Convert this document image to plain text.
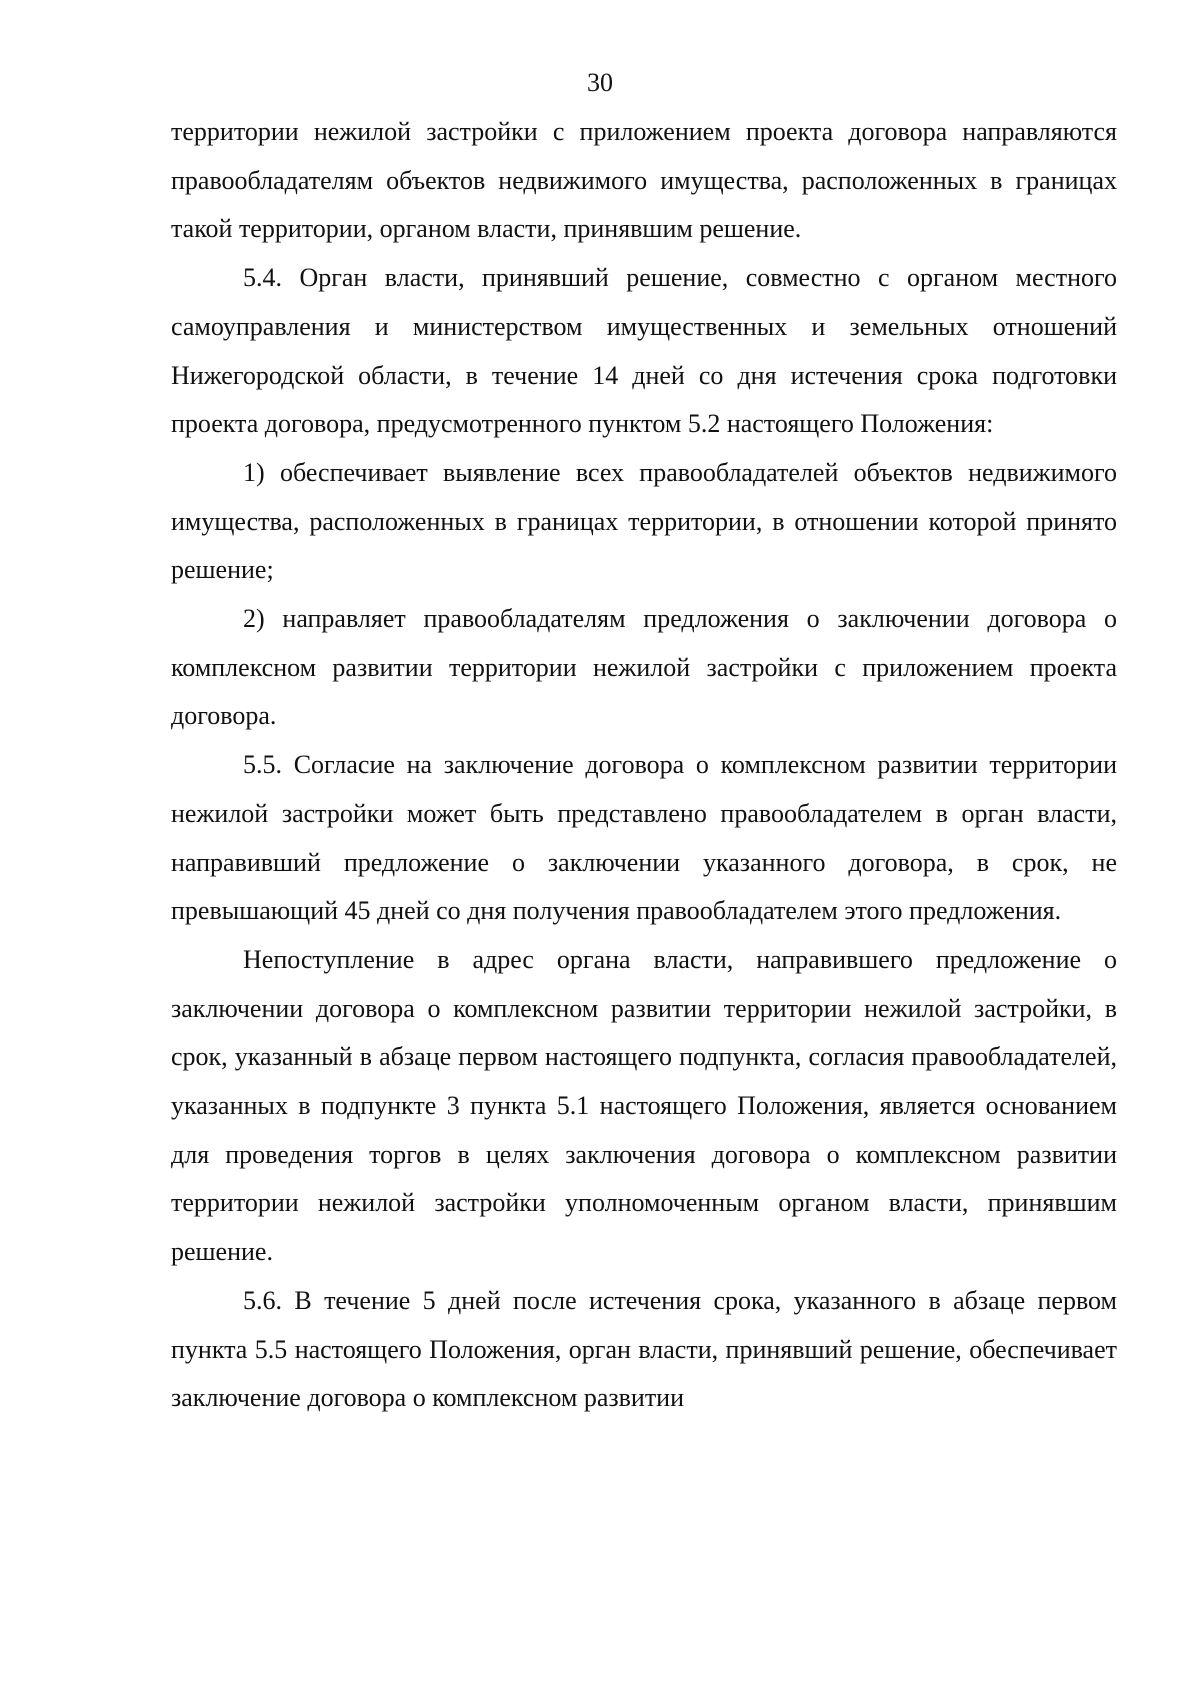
30

территории нежилой застройки с приложением проекта договора направляются правообладателям объектов недвижимого имущества, расположенных в границах такой территории, органом власти, принявшим решение.

5.4. Орган власти, принявший решение, совместно с органом местного самоуправления и министерством имущественных и земельных отношений Нижегородской области, в течение 14 дней со дня истечения срока подготовки проекта договора, предусмотренного пунктом 5.2 настоящего Положения:

1) обеспечивает выявление всех правообладателей объектов недвижимого имущества, расположенных в границах территории, в отношении которой принято решение;

2) направляет правообладателям предложения о заключении договора о комплексном развитии территории нежилой застройки с приложением проекта договора.

5.5. Согласие на заключение договора о комплексном развитии территории нежилой застройки может быть представлено правообладателем в орган власти, направивший предложение о заключении указанного договора, в срок, не превышающий 45 дней со дня получения правообладателем этого предложения.

Непоступление в адрес органа власти, направившего предложение о заключении договора о комплексном развитии территории нежилой застройки, в срок, указанный в абзаце первом настоящего подпункта, согласия правообладателей, указанных в подпункте 3 пункта 5.1 настоящего Положения, является основанием для проведения торгов в целях заключения договора о комплексном развитии территории нежилой застройки уполномоченным органом власти, принявшим решение.

5.6. В течение 5 дней после истечения срока, указанного в абзаце первом пункта 5.5 настоящего Положения, орган власти, принявший решение, обеспечивает заключение договора о комплексном развитии
